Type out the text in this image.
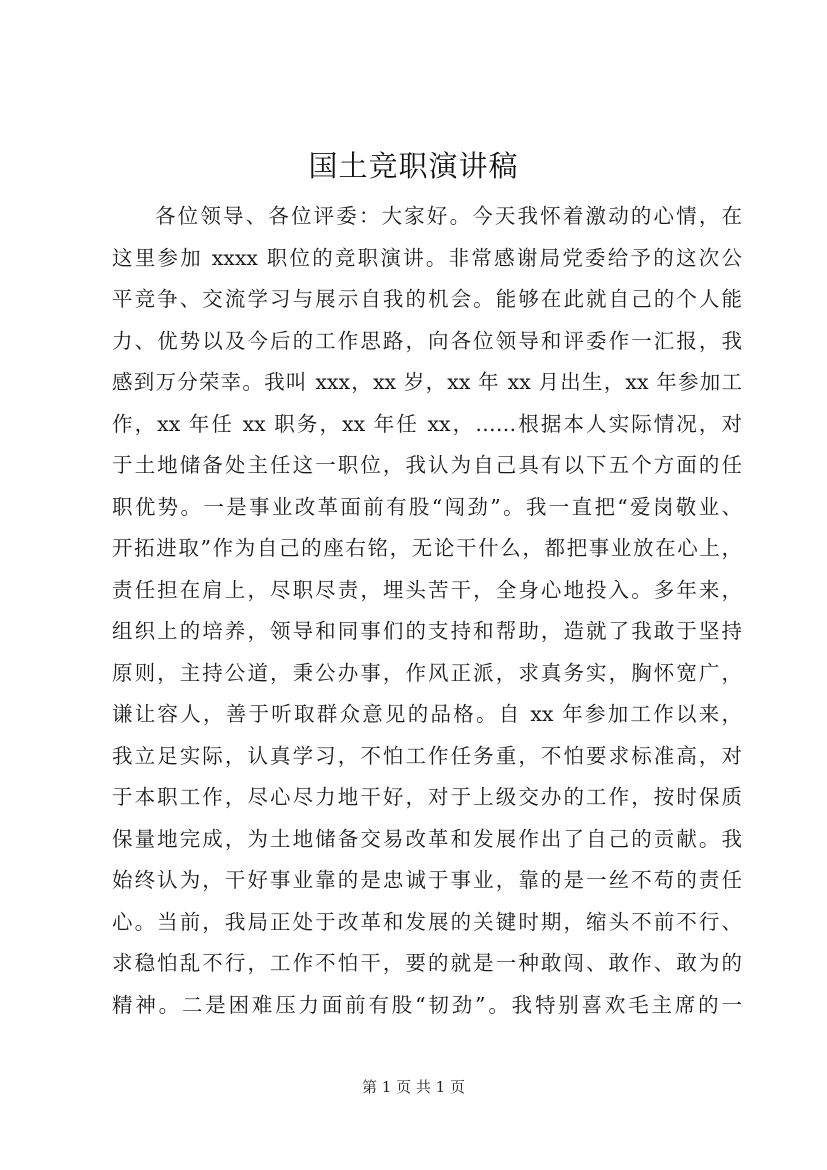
国土竞职演讲稿
各位领导、各位评委：大家好。今天我怀着激动的心情，在
这里参加 xxxx 职位的竞职演讲。非常感谢局党委给予的这次公
平竞争、交流学习与展示自我的机会。能够在此就自己的个人能
力、优势以及今后的工作思路，向各位领导和评委作一汇报，我
感到万分荣幸。我叫 xxx，xx 岁，xx 年 xx 月出生，xx 年参加工
作，xx 年任 xx 职务，xx 年任 xx，……根据本人实际情况，对
于土地储备处主任这一职位，我认为自己具有以下五个方面的任
职优势。一是事业改革面前有股“闯劲”。我一直把“爱岗敬业、
开拓进取”作为自己的座右铭，无论干什么，都把事业放在心上，
责任担在肩上，尽职尽责，埋头苦干，全身心地投入。多年来，
组织上的培养，领导和同事们的支持和帮助，造就了我敢于坚持
原则，主持公道，秉公办事，作风正派，求真务实，胸怀宽广，
谦让容人，善于听取群众意见的品格。自 xx 年参加工作以来，
我立足实际，认真学习，不怕工作任务重，不怕要求标准高，对
于本职工作，尽心尽力地干好，对于上级交办的工作，按时保质
保量地完成，为土地储备交易改革和发展作出了自己的贡献。我
始终认为，干好事业靠的是忠诚于事业，靠的是一丝不苟的责任
心。当前，我局正处于改革和发展的关键时期，缩头不前不行、
求稳怕乱不行，工作不怕干，要的就是一种敢闯、敢作、敢为的
精神。二是困难压力面前有股“韧劲”。我特别喜欢毛主席的一
第 1 页 共 1 页
